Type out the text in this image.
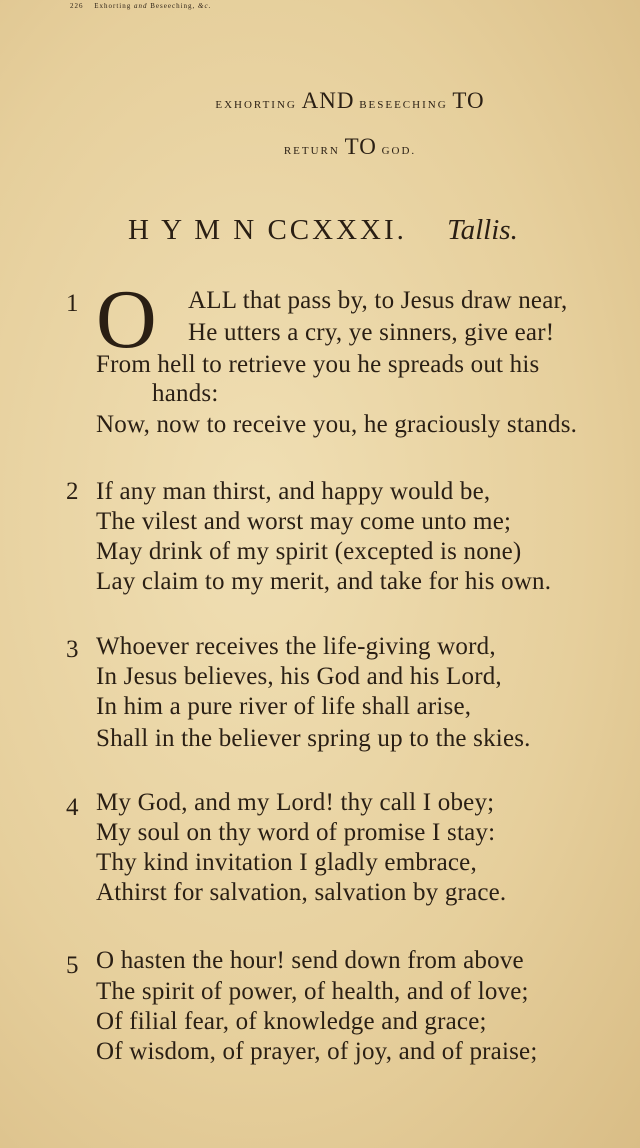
226 Exhorting and Beseeching, &c.
EXHORTING AND BESEECHING TO
RETURN TO GOD.
H Y M N CCXXXI. Tallis.
1 O ALL that pass by, to Jesus draw near,
He utters a cry, ye sinners, give ear!
From hell to retrieve you he spreads out his
hands:
Now, now to receive you, he graciously stands.
2 If any man thirst, and happy would be,
The vilest and worst may come unto me;
May drink of my spirit (excepted is none)
Lay claim to my merit, and take for his own.
3 Whoever receives the life-giving word,
In Jesus believes, his God and his Lord,
In him a pure river of life shall arise,
Shall in the believer spring up to the skies.
4 My God, and my Lord! thy call I obey;
My soul on thy word of promise I stay:
Thy kind invitation I gladly embrace,
Athirst for salvation, salvation by grace.
5 O hasten the hour! send down from above
The spirit of power, of health, and of love;
Of filial fear, of knowledge and grace;
Of wisdom, of prayer, of joy, and of praise;
